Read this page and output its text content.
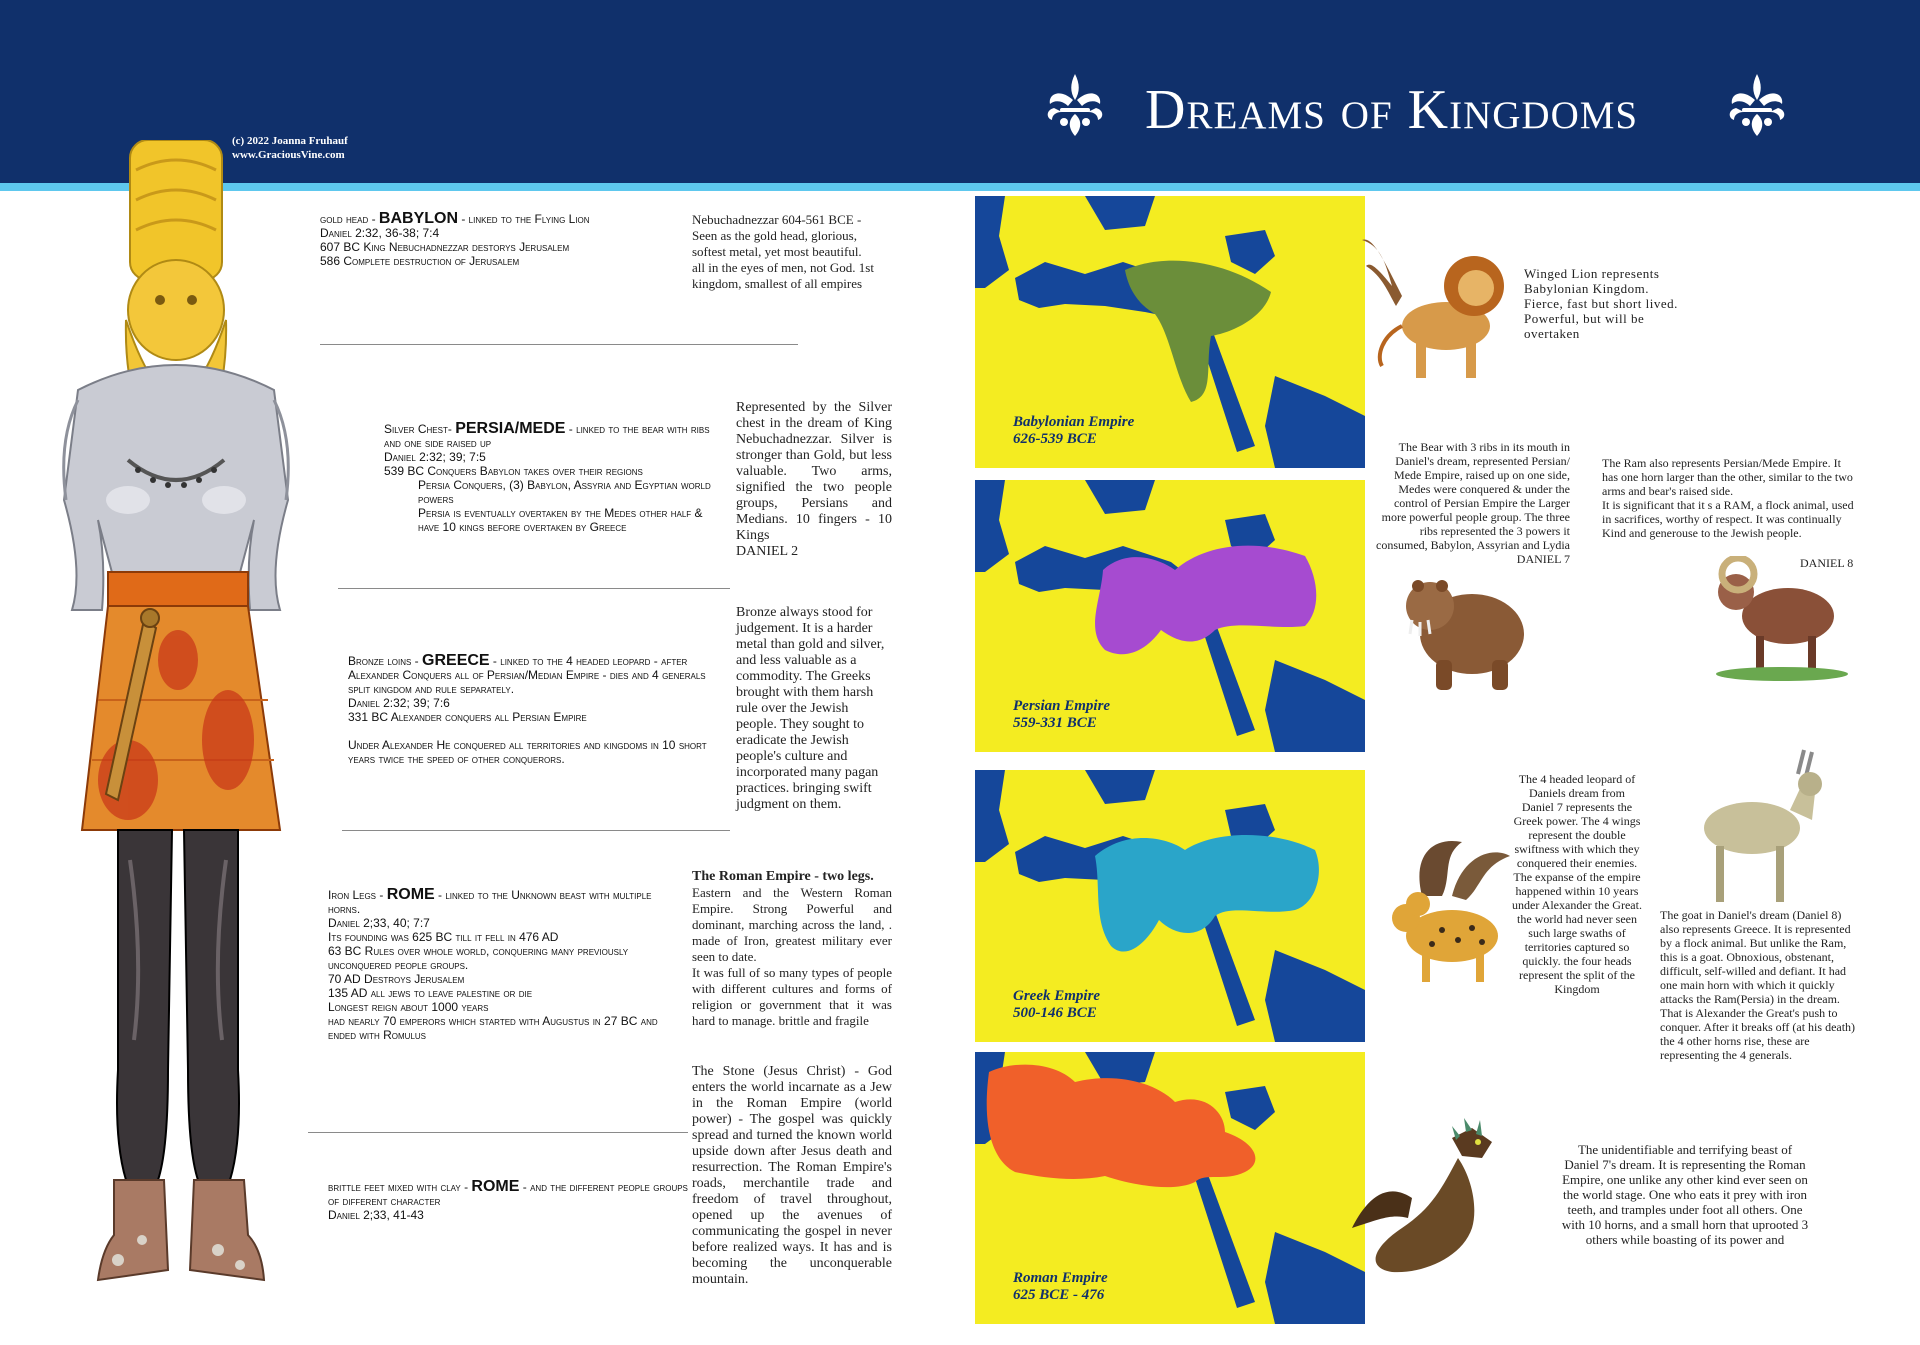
Dreams of Kingdoms
(c) 2022 Joanna Fruhauf
www.GraciousVine.com
gold head - BABYLON - linked to the Flying Lion
Daniel 2:32, 36-38; 7:4
607 BC King Nebuchadnezzar destorys Jerusalem
586 Complete destruction of Jerusalem
Nebuchadnezzar 604-561 BCE - Seen as the gold head, glorious, softest metal, yet most beautiful. all in the eyes of men, not God. 1st kingdom, smallest of all empires
Silver Chest- PERSIA/MEDE - linked to the bear with ribs and one side raised up
Daniel 2:32; 39; 7:5
539 BC Conquers Babylon takes over their regions
Persia Conquers, (3) Babylon, Assyria and Egyptian world powers
Persia is eventually overtaken by the Medes other half & have 10 kings before overtaken by Greece
Represented by the Silver chest in the dream of King Nebuchadnezzar. Silver is stronger than Gold, but less valuable. Two arms, signified the two people groups, Persians and Medians. 10 fingers - 10 Kings
DANIEL 2
Bronze loins - GREECE - linked to the 4 headed leopard - after Alexander Conquers all of Persian/Median Empire - dies and 4 generals split kingdom and rule separately.
Daniel 2:32; 39; 7:6
331 BC Alexander conquers all Persian Empire

Under Alexander He conquered all territories and kingdoms in 10 short years twice the speed of other conquerors.
Bronze always stood for judgement. It is a harder metal than gold and silver, and less valuable as a commodity. The Greeks brought with them harsh rule over the Jewish people. They sought to eradicate the Jewish people's culture and incorporated many pagan practices. bringing swift judgment on them.
Iron Legs - ROME - linked to the Unknown beast with multiple horns.
Daniel 2;33, 40; 7:7
Its founding was 625 BC till it fell in 476 AD
63 BC Rules over whole world, conquering many previously unconquered people groups.
70 AD Destroys Jerusalem
135 AD all jews to leave palestine or die
Longest reign about 1000 years
had nearly 70 emperors which started with Augustus in 27 BC and ended with Romulus
The Roman Empire - two legs.
Eastern and the Western Roman Empire. Strong Powerful and dominant, marching across the land, . made of Iron, greatest military ever seen to date.
It was full of so many types of people with different cultures and forms of religion or government that it was hard to manage. brittle and fragile
brittle feet mixed with clay - ROME - and the different people groups of different character
Daniel 2;33, 41-43
The Stone (Jesus Christ) - God enters the world incarnate as a Jew in the Roman Empire (world power) - The gospel was quickly spread and turned the known world upside down after Jesus death and resurrection. The Roman Empire's roads, merchantile trade and freedom of travel throughout, opened up the avenues of communicating the gospel in never before realized ways. It has and is becoming the unconquerable mountain.
Babylonian Empire
626-539 BCE
Persian Empire
559-331 BCE
Greek Empire
500-146 BCE
Roman Empire
625 BCE - 476
Winged Lion represents Babylonian Kingdom. Fierce, fast but short lived. Powerful, but will be overtaken
The Bear with 3 ribs in its mouth in Daniel's dream, represented Persian/ Mede Empire, raised up on one side, Medes were conquered & under the control of Persian Empire the Larger more powerful people group. The three ribs represented the 3 powers it consumed, Babylon, Assyrian and Lydia
DANIEL 7
The Ram also represents Persian/Mede Empire. It has one horn larger than the other, similar to the two arms and bear's raised side.
It is significant that it s a RAM, a flock animal, used in sacrifices, worthy of respect. It was continually Kind and generouse to the Jewish people.
DANIEL 8
The 4 headed leopard of Daniels dream from Daniel 7 represents the Greek power. The 4 wings represent the double swiftness with which they conquered their enemies. The expanse of the empire happened within 10 years under Alexander the Great. the world had never seen such large swaths of territories captured so quickly. the four heads represent the split of the Kingdom
The goat in Daniel's dream (Daniel 8) also represents Greece. It is represented by a flock animal. But unlike the Ram, this is a goat. Obnoxious, obstenant, difficult, self-willed and defiant. It had one main horn with which it quickly attacks the Ram(Persia) in the dream. That is Alexander the Great's push to conquer. After it breaks off (at his death) the 4 other horns rise, these are representing the 4 generals.
The unidentifiable and terrifying beast of Daniel 7's dream. It is representing the Roman Empire, one unlike any other kind ever seen on the world stage. One who eats it prey with iron teeth, and tramples under foot all others. One with 10 horns, and a small horn that uprooted 3 others while boasting of its power and
